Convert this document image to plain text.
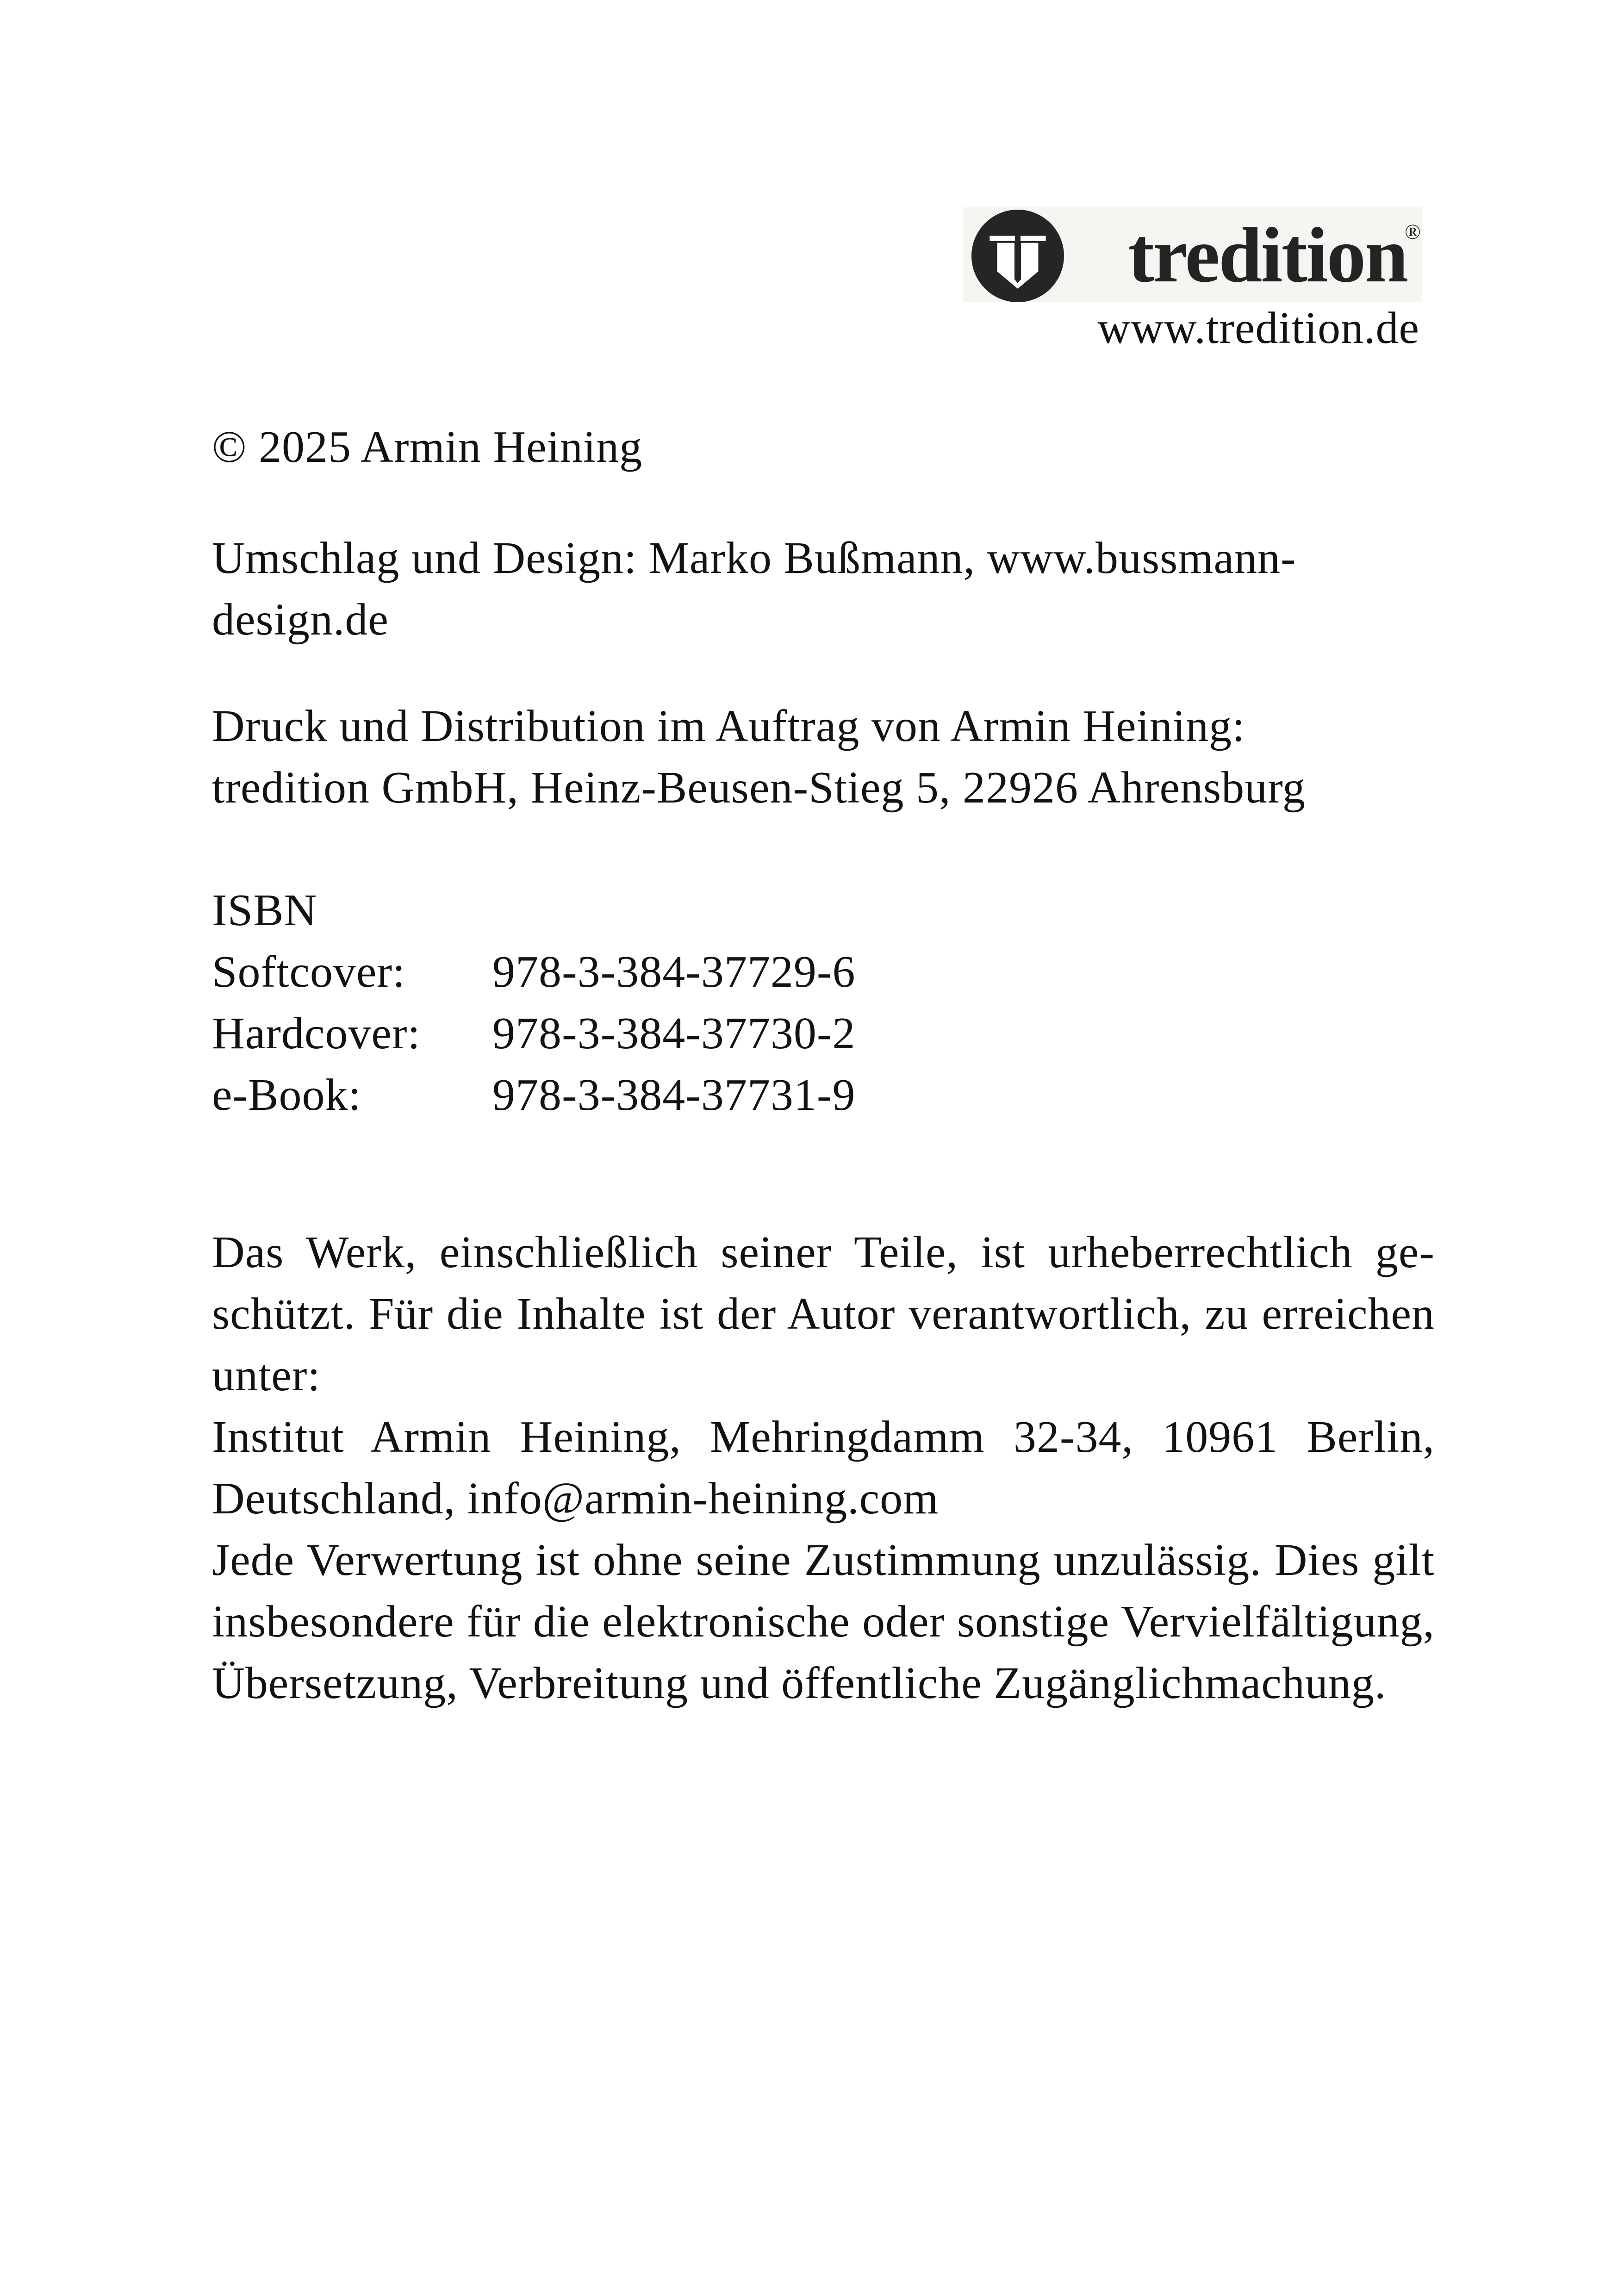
tredition
®
www.tredition.de
© 2025 Armin Heining
Umschlag und Design: Marko Bußmann, www.bussmann-
design.de
Druck und Distribution im Auftrag von Armin Heining:
tredition GmbH, Heinz-Beusen-Stieg 5, 22926 Ahrensburg
ISBN
Softcover:	978-3-384-37729-6
Hardcover:	978-3-384-37730-2
e-Book:	978-3-384-37731-9
Das Werk, einschließlich seiner Teile, ist urheberrechtlich ge-
schützt. Für die Inhalte ist der Autor verantwortlich, zu erreichen
unter:
Institut Armin Heining, Mehringdamm 32-34, 10961 Berlin,
Deutschland, info@armin-heining.com
Jede Verwertung ist ohne seine Zustimmung unzulässig. Dies gilt
insbesondere für die elektronische oder sonstige Vervielfältigung,
Übersetzung, Verbreitung und öffentliche Zugänglichmachung.
